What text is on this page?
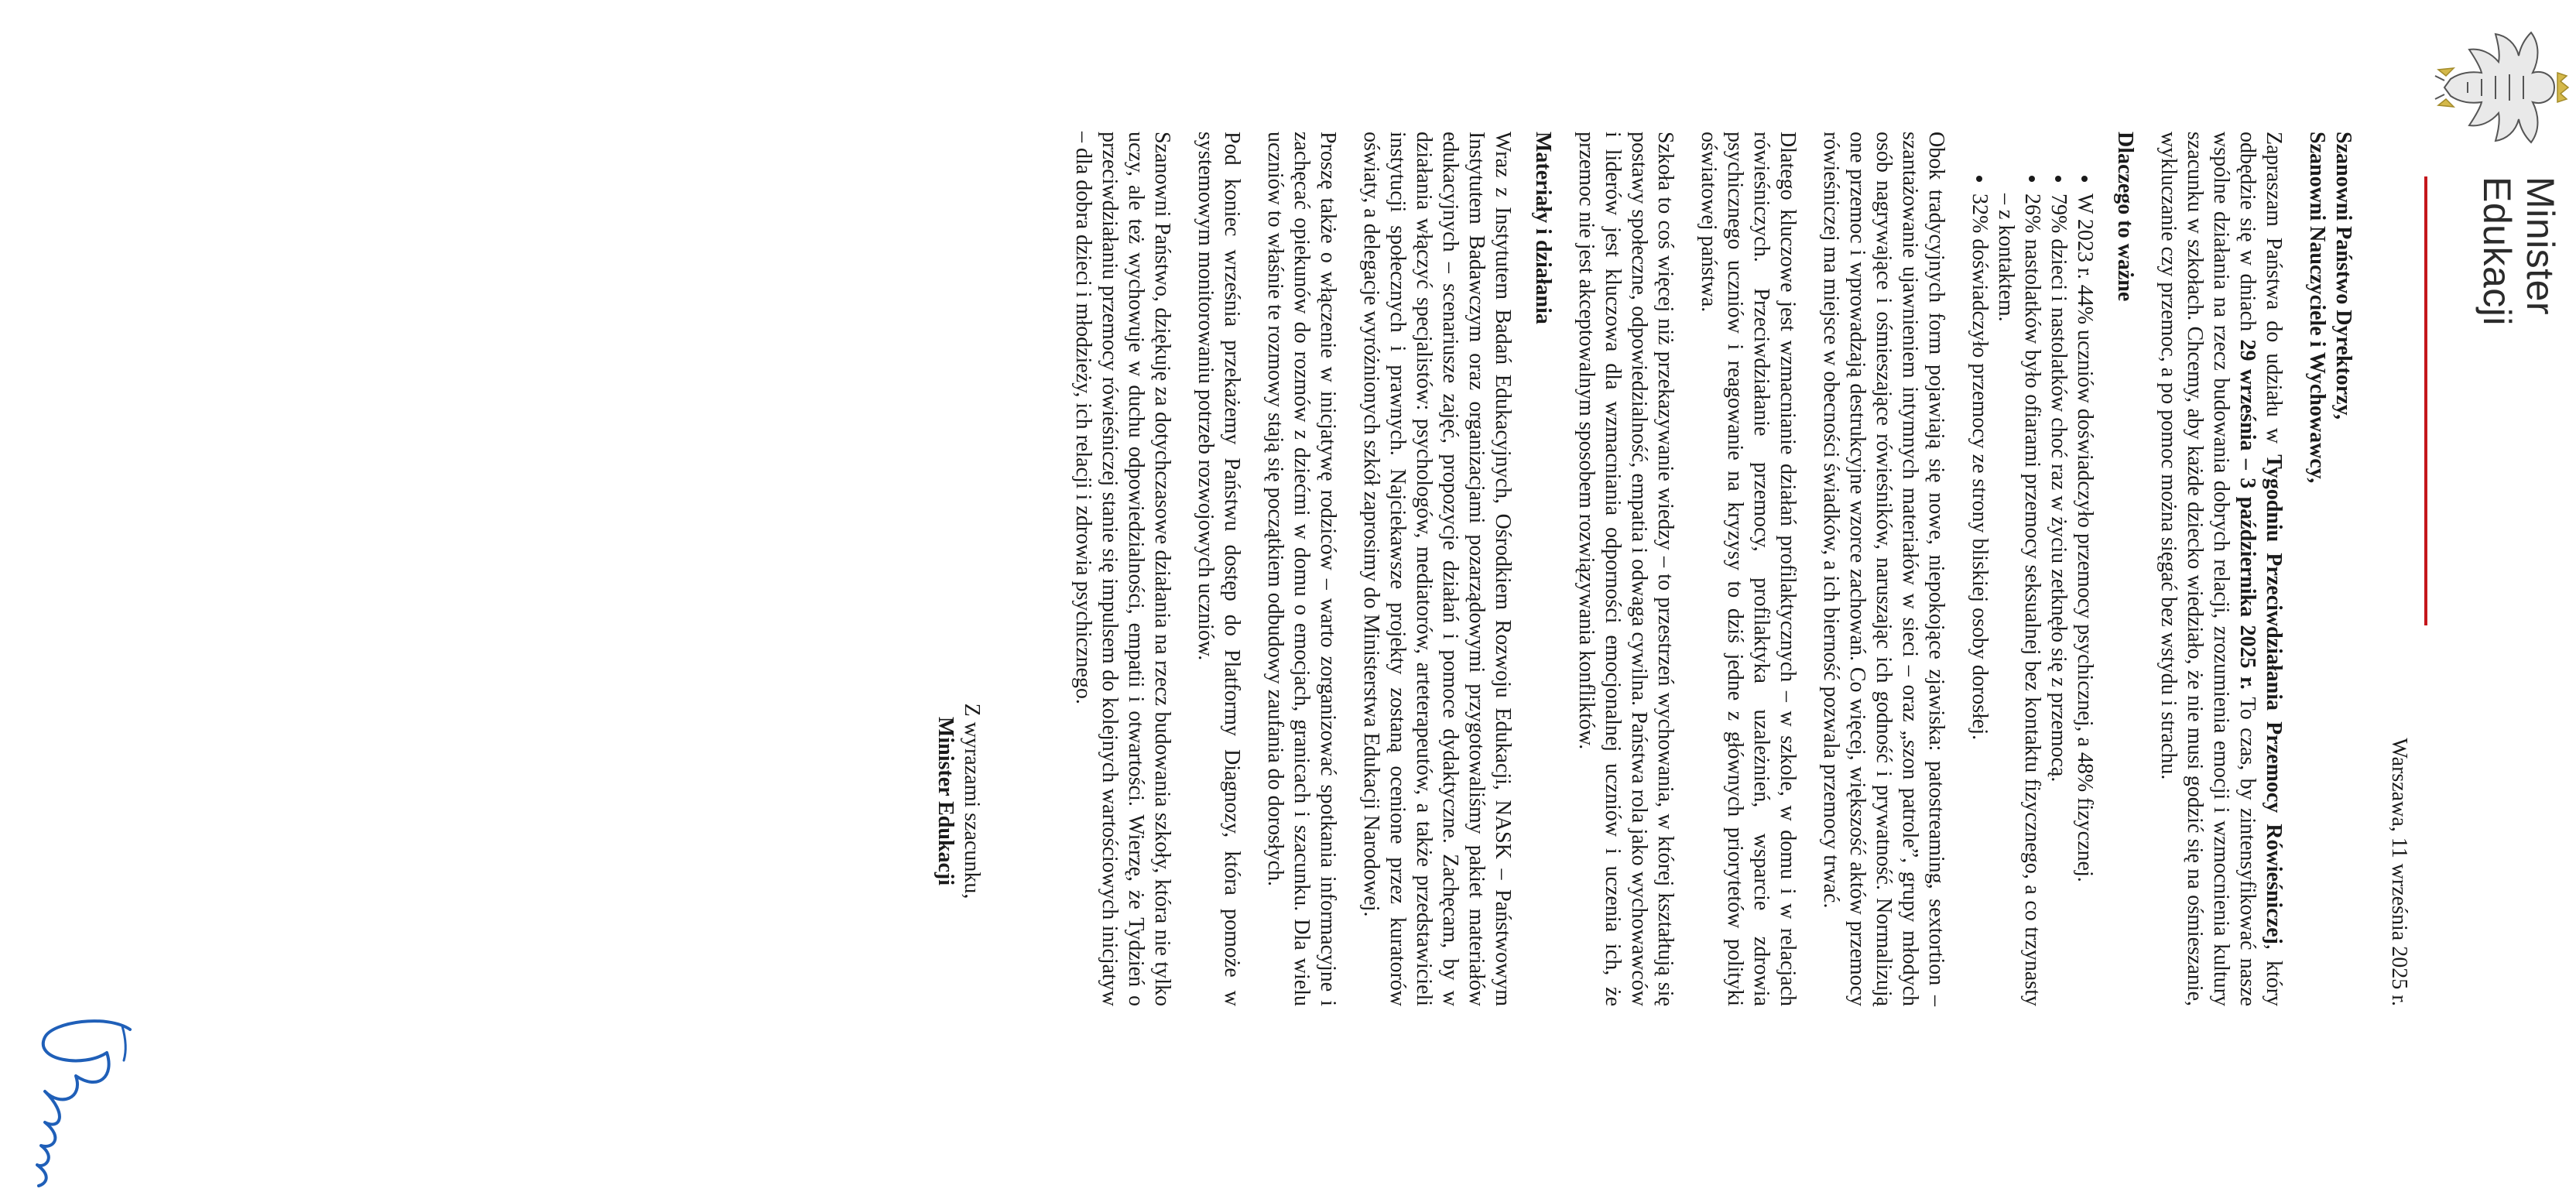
Minister
Edukacji

Warszawa, 11 września 2025 r.

Szanowni Państwo Dyrektorzy,
Szanowni Nauczyciele i Wychowawcy,

Zapraszam Państwa do udziału w Tygodniu Przeciwdziałania Przemocy Rówieśniczej, który odbędzie się w dniach 29 września – 3 października 2025 r. To czas, by zintensyfikować nasze wspólne działania na rzecz budowania dobrych relacji, zrozumienia emocji i wzmocnienia kultury szacunku w szkołach. Chcemy, aby każde dziecko wiedziało, że nie musi godzić się na ośmieszanie, wykluczanie czy przemoc, a po pomoc można sięgać bez wstydu i strachu.

Dlaczego to ważne
• W 2023 r. 44% uczniów doświadczyło przemocy psychicznej, a 48% fizycznej.
• 79% dzieci i nastolatków choć raz w życiu zetknęło się z przemocą.
• 26% nastolatków było ofiarami przemocy seksualnej bez kontaktu fizycznego, a co trzynasty – z kontaktem.
• 32% doświadczyło przemocy ze strony bliskiej osoby dorosłej.

Obok tradycyjnych form pojawiają się nowe, niepokojące zjawiska: patostreaming, sextortion – szantażowanie ujawnieniem intymnych materiałów w sieci – oraz „szon patrole”, grupy młodych osób nagrywające i ośmieszające rówieśników, naruszając ich godność i prywatność. Normalizują one przemoc i wprowadzają destrukcyjne wzorce zachowań. Co więcej, większość aktów przemocy rówieśniczej ma miejsce w obecności świadków, a ich bierność pozwala przemocy trwać.

Dlatego kluczowe jest wzmacnianie działań profilaktycznych – w szkole, w domu i w relacjach rówieśniczych. Przeciwdziałanie przemocy, profilaktyka uzależnień, wsparcie zdrowia psychicznego uczniów i reagowanie na kryzysy to dziś jedne z głównych priorytetów polityki oświatowej państwa.

Szkoła to coś więcej niż przekazywanie wiedzy – to przestrzeń wychowania, w której kształtują się postawy społeczne, odpowiedzialność, empatia i odwaga cywilna. Państwa rola jako wychowawców i liderów jest kluczowa dla wzmacniania odporności emocjonalnej uczniów i uczenia ich, że przemoc nie jest akceptowalnym sposobem rozwiązywania konfliktów.

Materiały i działania

Wraz z Instytutem Badań Edukacyjnych, Ośrodkiem Rozwoju Edukacji, NASK – Państwowym Instytutem Badawczym oraz organizacjami pozarządowymi przygotowaliśmy pakiet materiałów edukacyjnych – scenariusze zajęć, propozycje działań i pomoce dydaktyczne. Zachęcam, by w działania włączyć specjalistów: psychologów, mediatorów, arteterapeutów, a także przedstawicieli instytucji społecznych i prawnych. Najciekawsze projekty zostaną ocenione przez kuratorów oświaty, a delegacje wyróżnionych szkół zaprosimy do Ministerstwa Edukacji Narodowej.

Proszę także o włączenie w inicjatywę rodziców – warto zorganizować spotkania informacyjne i zachęcać opiekunów do rozmów z dziećmi w domu o emocjach, granicach i szacunku. Dla wielu uczniów to właśnie te rozmowy stają się początkiem odbudowy zaufania do dorosłych.

Pod koniec września przekażemy Państwu dostęp do Platformy Diagnozy, która pomoże w systemowym monitorowaniu potrzeb rozwojowych uczniów.

Szanowni Państwo, dziękuję za dotychczasowe działania na rzecz budowania szkoły, która nie tylko uczy, ale też wychowuje w duchu odpowiedzialności, empatii i otwartości. Wierzę, że Tydzień o przeciwdziałaniu przemocy rówieśniczej stanie się impulsem do kolejnych wartościowych inicjatyw – dla dobra dzieci i młodzieży, ich relacji i zdrowia psychicznego.

Z wyrazami szacunku,
Minister Edukacji
